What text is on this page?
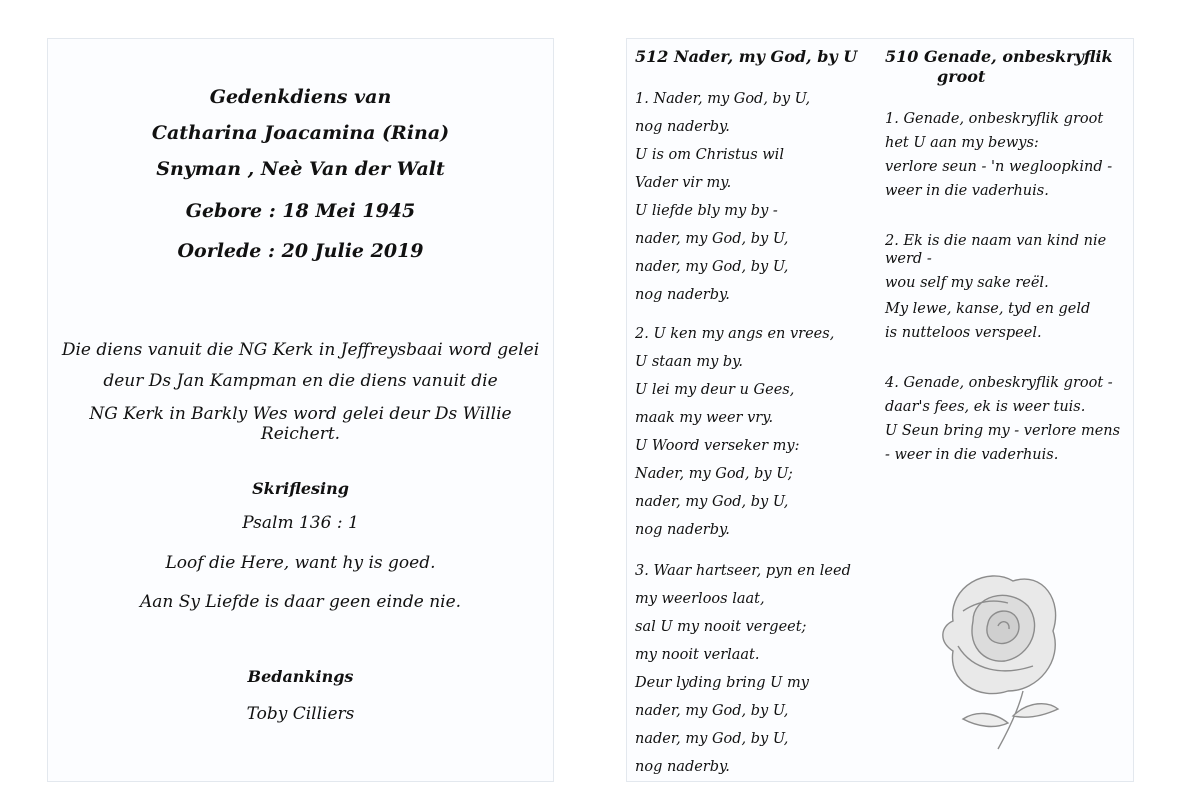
Gedenkdiens van
Catharina Joacamina (Rina)
Snyman , Neè Van der Walt
Gebore : 18 Mei 1945
Oorlede : 20 Julie 2019
Die diens vanuit die NG Kerk in Jeffreysbaai word gelei
deur Ds Jan Kampman en die diens vanuit die
NG Kerk in Barkly Wes word gelei deur Ds Willie Reichert.
Skriflesing
Psalm 136 : 1
Loof die Here, want hy is goed.
Aan Sy Liefde is daar geen einde nie.
Bedankings
Toby Cilliers
512 Nader, my God, by U
1. Nader, my God, by U,
nog naderby.
U is om Christus wil
Vader vir my.
U liefde bly my by -
nader, my God, by U,
nader, my God, by U,
nog naderby.
2. U ken my angs en vrees,
U staan my by.
U lei my deur u Gees,
maak my weer vry.
U Woord verseker my:
Nader, my God, by U;
nader, my God, by U,
nog naderby.
3. Waar hartseer, pyn en leed
my weerloos laat,
sal U my nooit vergeet;
my nooit verlaat.
Deur lyding bring U my
nader, my God, by U,
nader, my God, by U,
nog naderby.
510 Genade, onbeskryflik
groot
1. Genade, onbeskryflik groot
het U aan my bewys:
verlore seun - 'n wegloopkind -
weer in die vaderhuis.
2. Ek is die naam van kind nie
werd -
wou self my sake reël.
My lewe, kanse, tyd en geld
is nutteloos verspeel.
4. Genade, onbeskryflik groot -
daar's fees, ek is weer tuis.
U Seun bring my - verlore mens
- weer in die vaderhuis.
